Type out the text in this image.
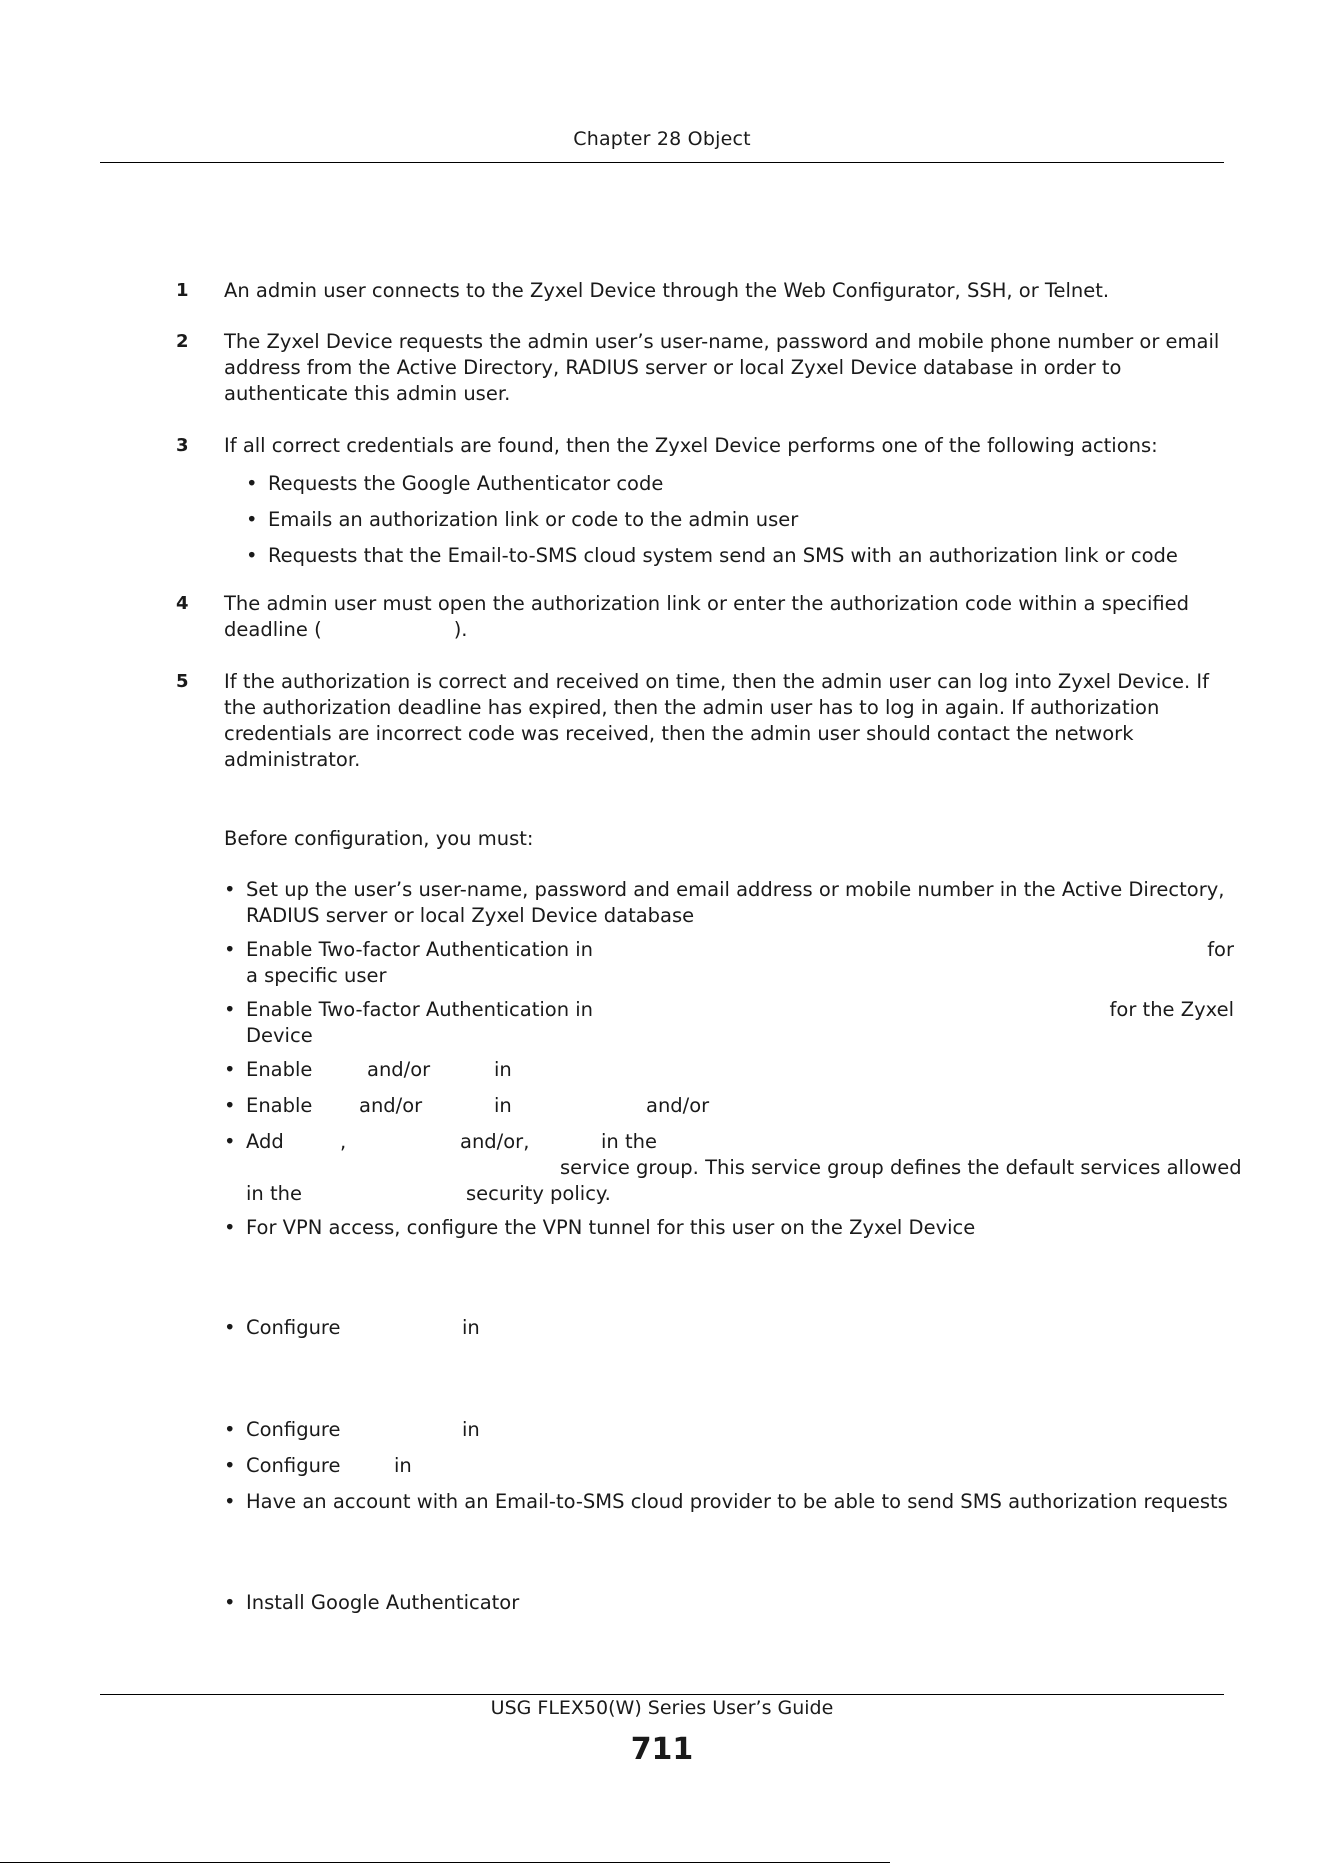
Chapter 28 Object
1 An admin user connects to the Zyxel Device through the Web Configurator, SSH, or Telnet.
2 The Zyxel Device requests the admin user’s user-name, password and mobile phone number or email address from the Active Directory, RADIUS server or local Zyxel Device database in order to authenticate this admin user.
3 If all correct credentials are found, then the Zyxel Device performs one of the following actions:
• Requests the Google Authenticator code
• Emails an authorization link or code to the admin user
• Requests that the Email-to-SMS cloud system send an SMS with an authorization link or code
4 The admin user must open the authorization link or enter the authorization code within a specified
deadline (	).
5 If the authorization is correct and received on time, then the admin user can log into Zyxel Device. If the authorization deadline has expired, then the admin user has to log in again. If authorization credentials are incorrect code was received, then the admin user should contact the network administrator.
Before configuration, you must:
• Set up the user’s user-name, password and email address or mobile number in the Active Directory, RADIUS server or local Zyxel Device database
• Enable Two-factor Authentication in	for

a specific user
• Enable Two-factor Authentication in	for the Zyxel

Device
• Enable	and/or	in
• Enable and/or	in	and/or
• Add	,	and/or,	in the
service group. This service group defines the default services allowed
in the	security policy.
• For VPN access, configure the VPN tunnel for this user on the Zyxel Device
• Configure	in
• Configure	in
• Configure	in
• Have an account with an Email-to-SMS cloud provider to be able to send SMS authorization requests
• Install Google Authenticator
USG FLEX50(W) Series User’s Guide
711
